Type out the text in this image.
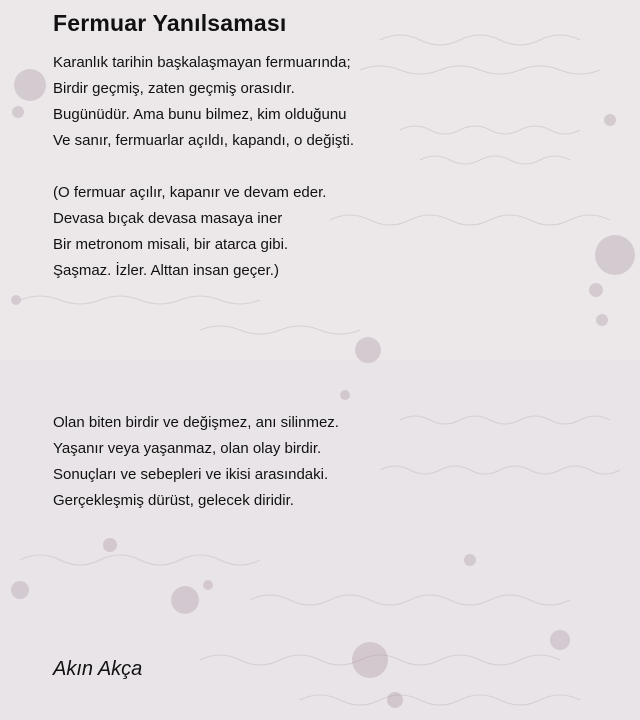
Fermuar Yanılsaması
Karanlık tarihin başkalaşmayan fermuarında;
Birdir geçmiş, zaten geçmiş orasıdır.
Bugünüdür. Ama bunu bilmez, kim olduğunu
Ve sanır, fermuarlar açıldı, kapandı, o değişti.
(O fermuar açılır, kapanır ve devam eder.
Devasa bıçak devasa masaya iner
Bir metronom misali, bir atarca gibi.
Şaşmaz. İzler. Alttan insan geçer.)
Olan biten birdir ve değişmez, anı silinmez.
Yaşanır veya yaşanmaz, olan olay birdir.
Sonuçları ve sebepleri ve ikisi arasındaki.
Gerçekleşmiş dürüst, gelecek diridir.
Akın Akça
